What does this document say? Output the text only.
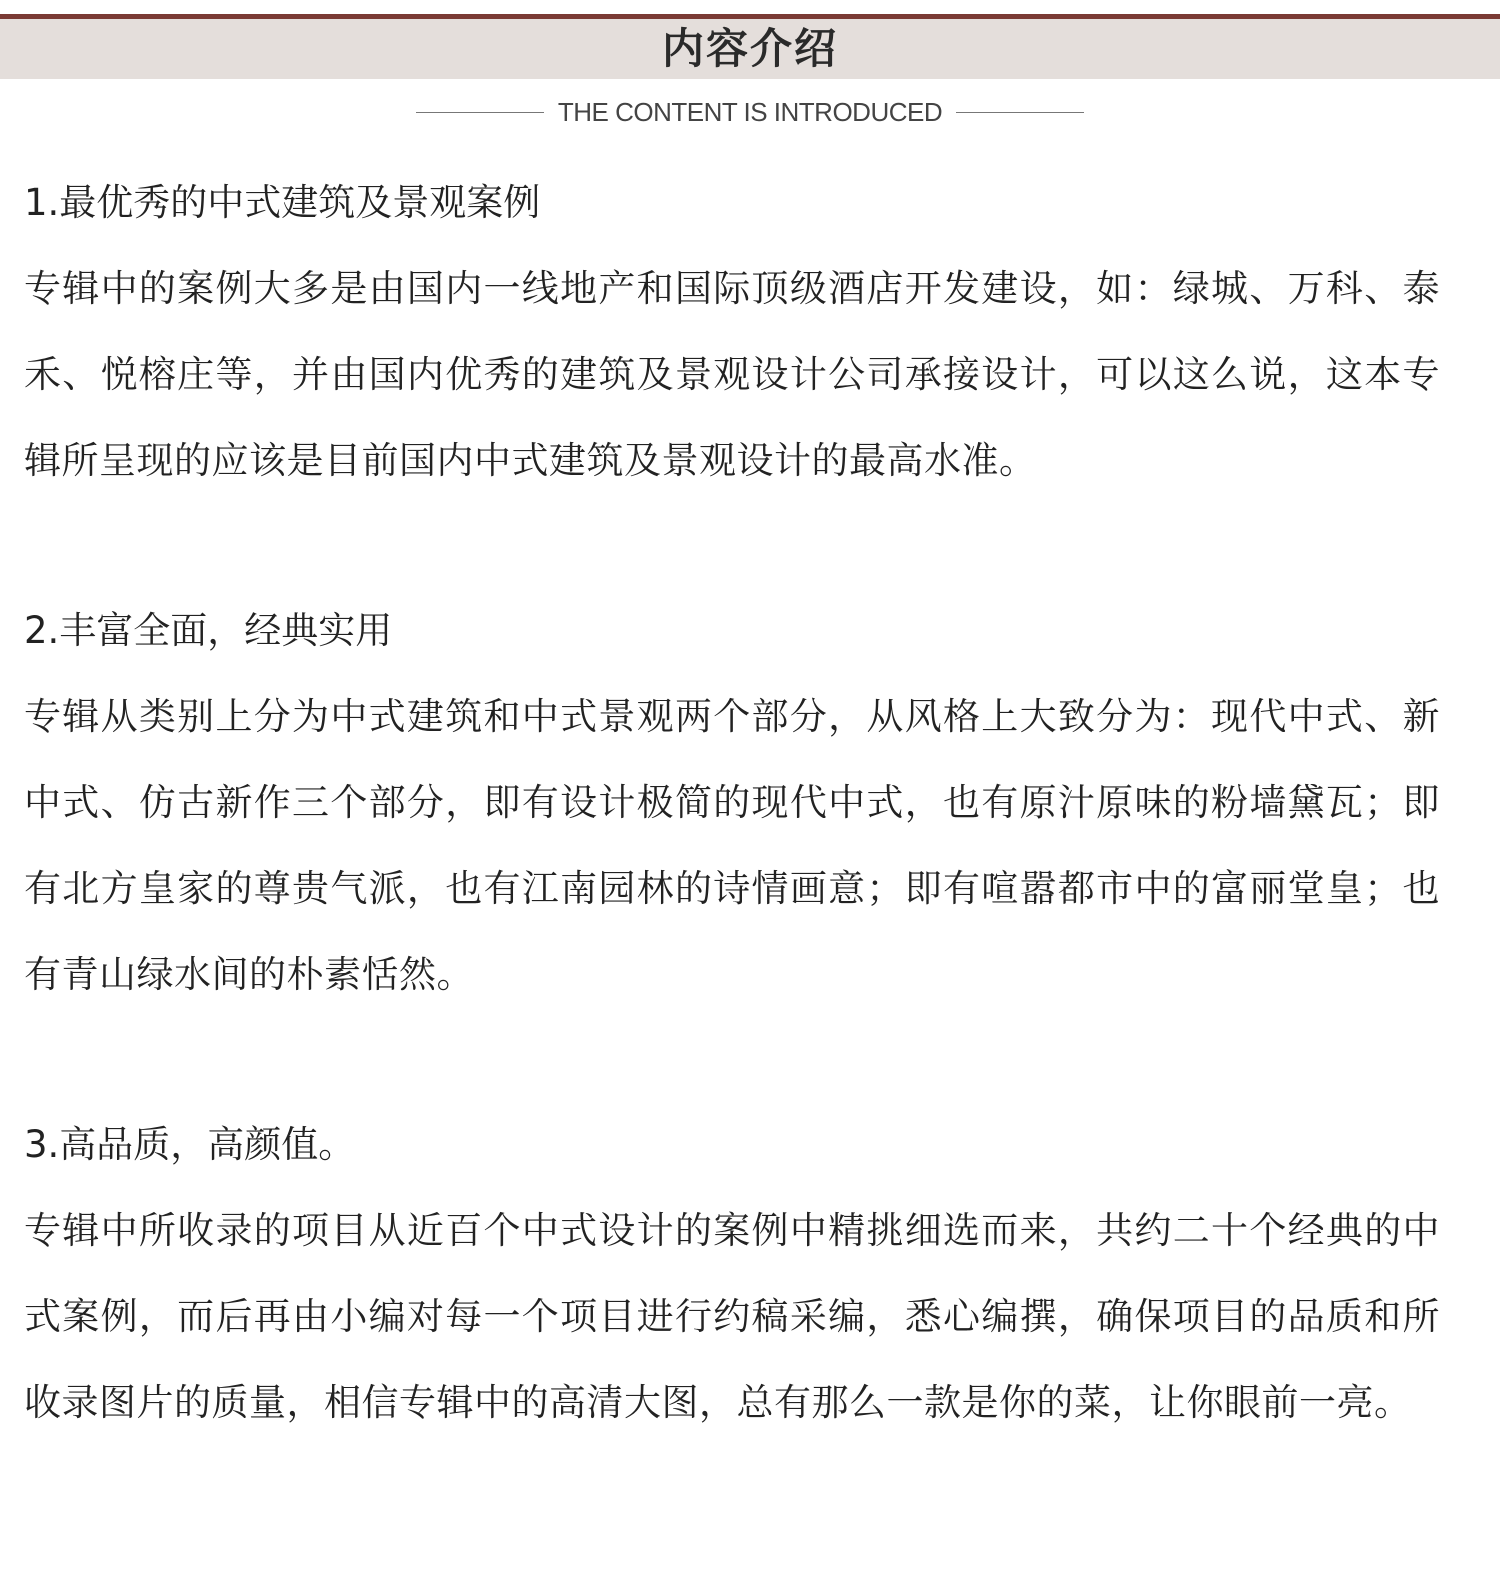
内容介绍
THE CONTENT IS INTRODUCED
1.最优秀的中式建筑及景观案例

专辑中的案例大多是由国内一线地产和国际顶级酒店开发建设，如：绿城、万科、泰禾、悦榕庄等，并由国内优秀的建筑及景观设计公司承接设计，可以这么说，这本专辑所呈现的应该是目前国内中式建筑及景观设计的最高水准。

2.丰富全面，经典实用

专辑从类别上分为中式建筑和中式景观两个部分，从风格上大致分为：现代中式、新中式、仿古新作三个部分，即有设计极简的现代中式，也有原汁原味的粉墙黛瓦；即有北方皇家的尊贵气派，也有江南园林的诗情画意；即有喧嚣都市中的富丽堂皇；也有青山绿水间的朴素恬然。

3.高品质，高颜值。

专辑中所收录的项目从近百个中式设计的案例中精挑细选而来，共约二十个经典的中式案例，而后再由小编对每一个项目进行约稿采编，悉心编撰，确保项目的品质和所收录图片的质量，相信专辑中的高清大图，总有那么一款是你的菜，让你眼前一亮。
